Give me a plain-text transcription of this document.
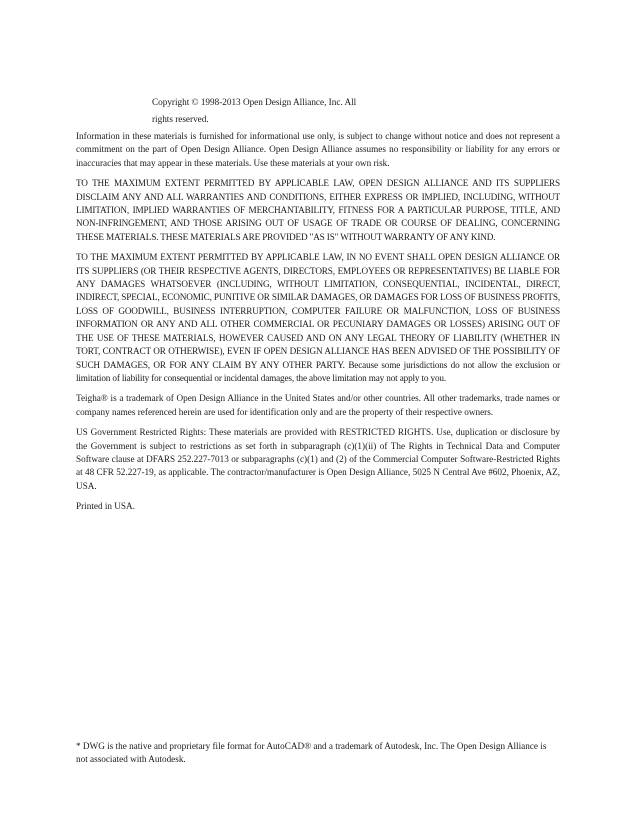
Copyright © 1998-2013 Open Design Alliance, Inc. All
rights reserved.

Information in these materials is furnished for informational use only, is subject to change without notice and does not represent a commitment on the part of Open Design Alliance. Open Design Alliance assumes no responsibility or liability for any errors or inaccuracies that may appear in these materials. Use these materials at your own risk.

TO THE MAXIMUM EXTENT PERMITTED BY APPLICABLE LAW, OPEN DESIGN ALLIANCE AND ITS SUPPLIERS DISCLAIM ANY AND ALL WARRANTIES AND CONDITIONS, EITHER EXPRESS OR IMPLIED, INCLUDING, WITHOUT LIMITATION, IMPLIED WARRANTIES OF MERCHANTABILITY, FITNESS FOR A PARTICULAR PURPOSE, TITLE, AND NON-INFRINGEMENT, AND THOSE ARISING OUT OF USAGE OF TRADE OR COURSE OF DEALING, CONCERNING THESE MATERIALS. THESE MATERIALS ARE PROVIDED "AS IS" WITHOUT WARRANTY OF ANY KIND.

TO THE MAXIMUM EXTENT PERMITTED BY APPLICABLE LAW, IN NO EVENT SHALL OPEN DESIGN ALLIANCE OR ITS SUPPLIERS (OR THEIR RESPECTIVE AGENTS, DIRECTORS, EMPLOYEES OR REPRESENTATIVES) BE LIABLE FOR ANY DAMAGES WHATSOEVER (INCLUDING, WITHOUT LIMITATION, CONSEQUENTIAL, INCIDENTAL, DIRECT, INDIRECT, SPECIAL, ECONOMIC, PUNITIVE OR SIMILAR DAMAGES, OR DAMAGES FOR LOSS OF BUSINESS PROFITS, LOSS OF GOODWILL, BUSINESS INTERRUPTION, COMPUTER FAILURE OR MALFUNCTION, LOSS OF BUSINESS INFORMATION OR ANY AND ALL OTHER COMMERCIAL OR PECUNIARY DAMAGES OR LOSSES) ARISING OUT OF THE USE OF THESE MATERIALS, HOWEVER CAUSED AND ON ANY LEGAL THEORY OF LIABILITY (WHETHER IN TORT, CONTRACT OR OTHERWISE), EVEN IF OPEN DESIGN ALLIANCE HAS BEEN ADVISED OF THE POSSIBILITY OF SUCH DAMAGES, OR FOR ANY CLAIM BY ANY OTHER PARTY. Because some jurisdictions do not allow the exclusion or limitation of liability for consequential or incidental damages, the above limitation may not apply to you.

Teigha® is a trademark of Open Design Alliance in the United States and/or other countries. All other trademarks, trade names or company names referenced herein are used for identification only and are the property of their respective owners.

US Government Restricted Rights: These materials are provided with RESTRICTED RIGHTS. Use, duplication or disclosure by the Government is subject to restrictions as set forth in subparagraph (c)(1)(ii) of The Rights in Technical Data and Computer Software clause at DFARS 252.227-7013 or subparagraphs (c)(1) and (2) of the Commercial Computer Software-Restricted Rights at 48 CFR 52.227-19, as applicable. The contractor/manufacturer is Open Design Alliance, 5025 N Central Ave #602, Phoenix, AZ, USA.

Printed in USA.

* DWG is the native and proprietary file format for AutoCAD® and a trademark of Autodesk, Inc. The Open Design Alliance is not associated with Autodesk.
